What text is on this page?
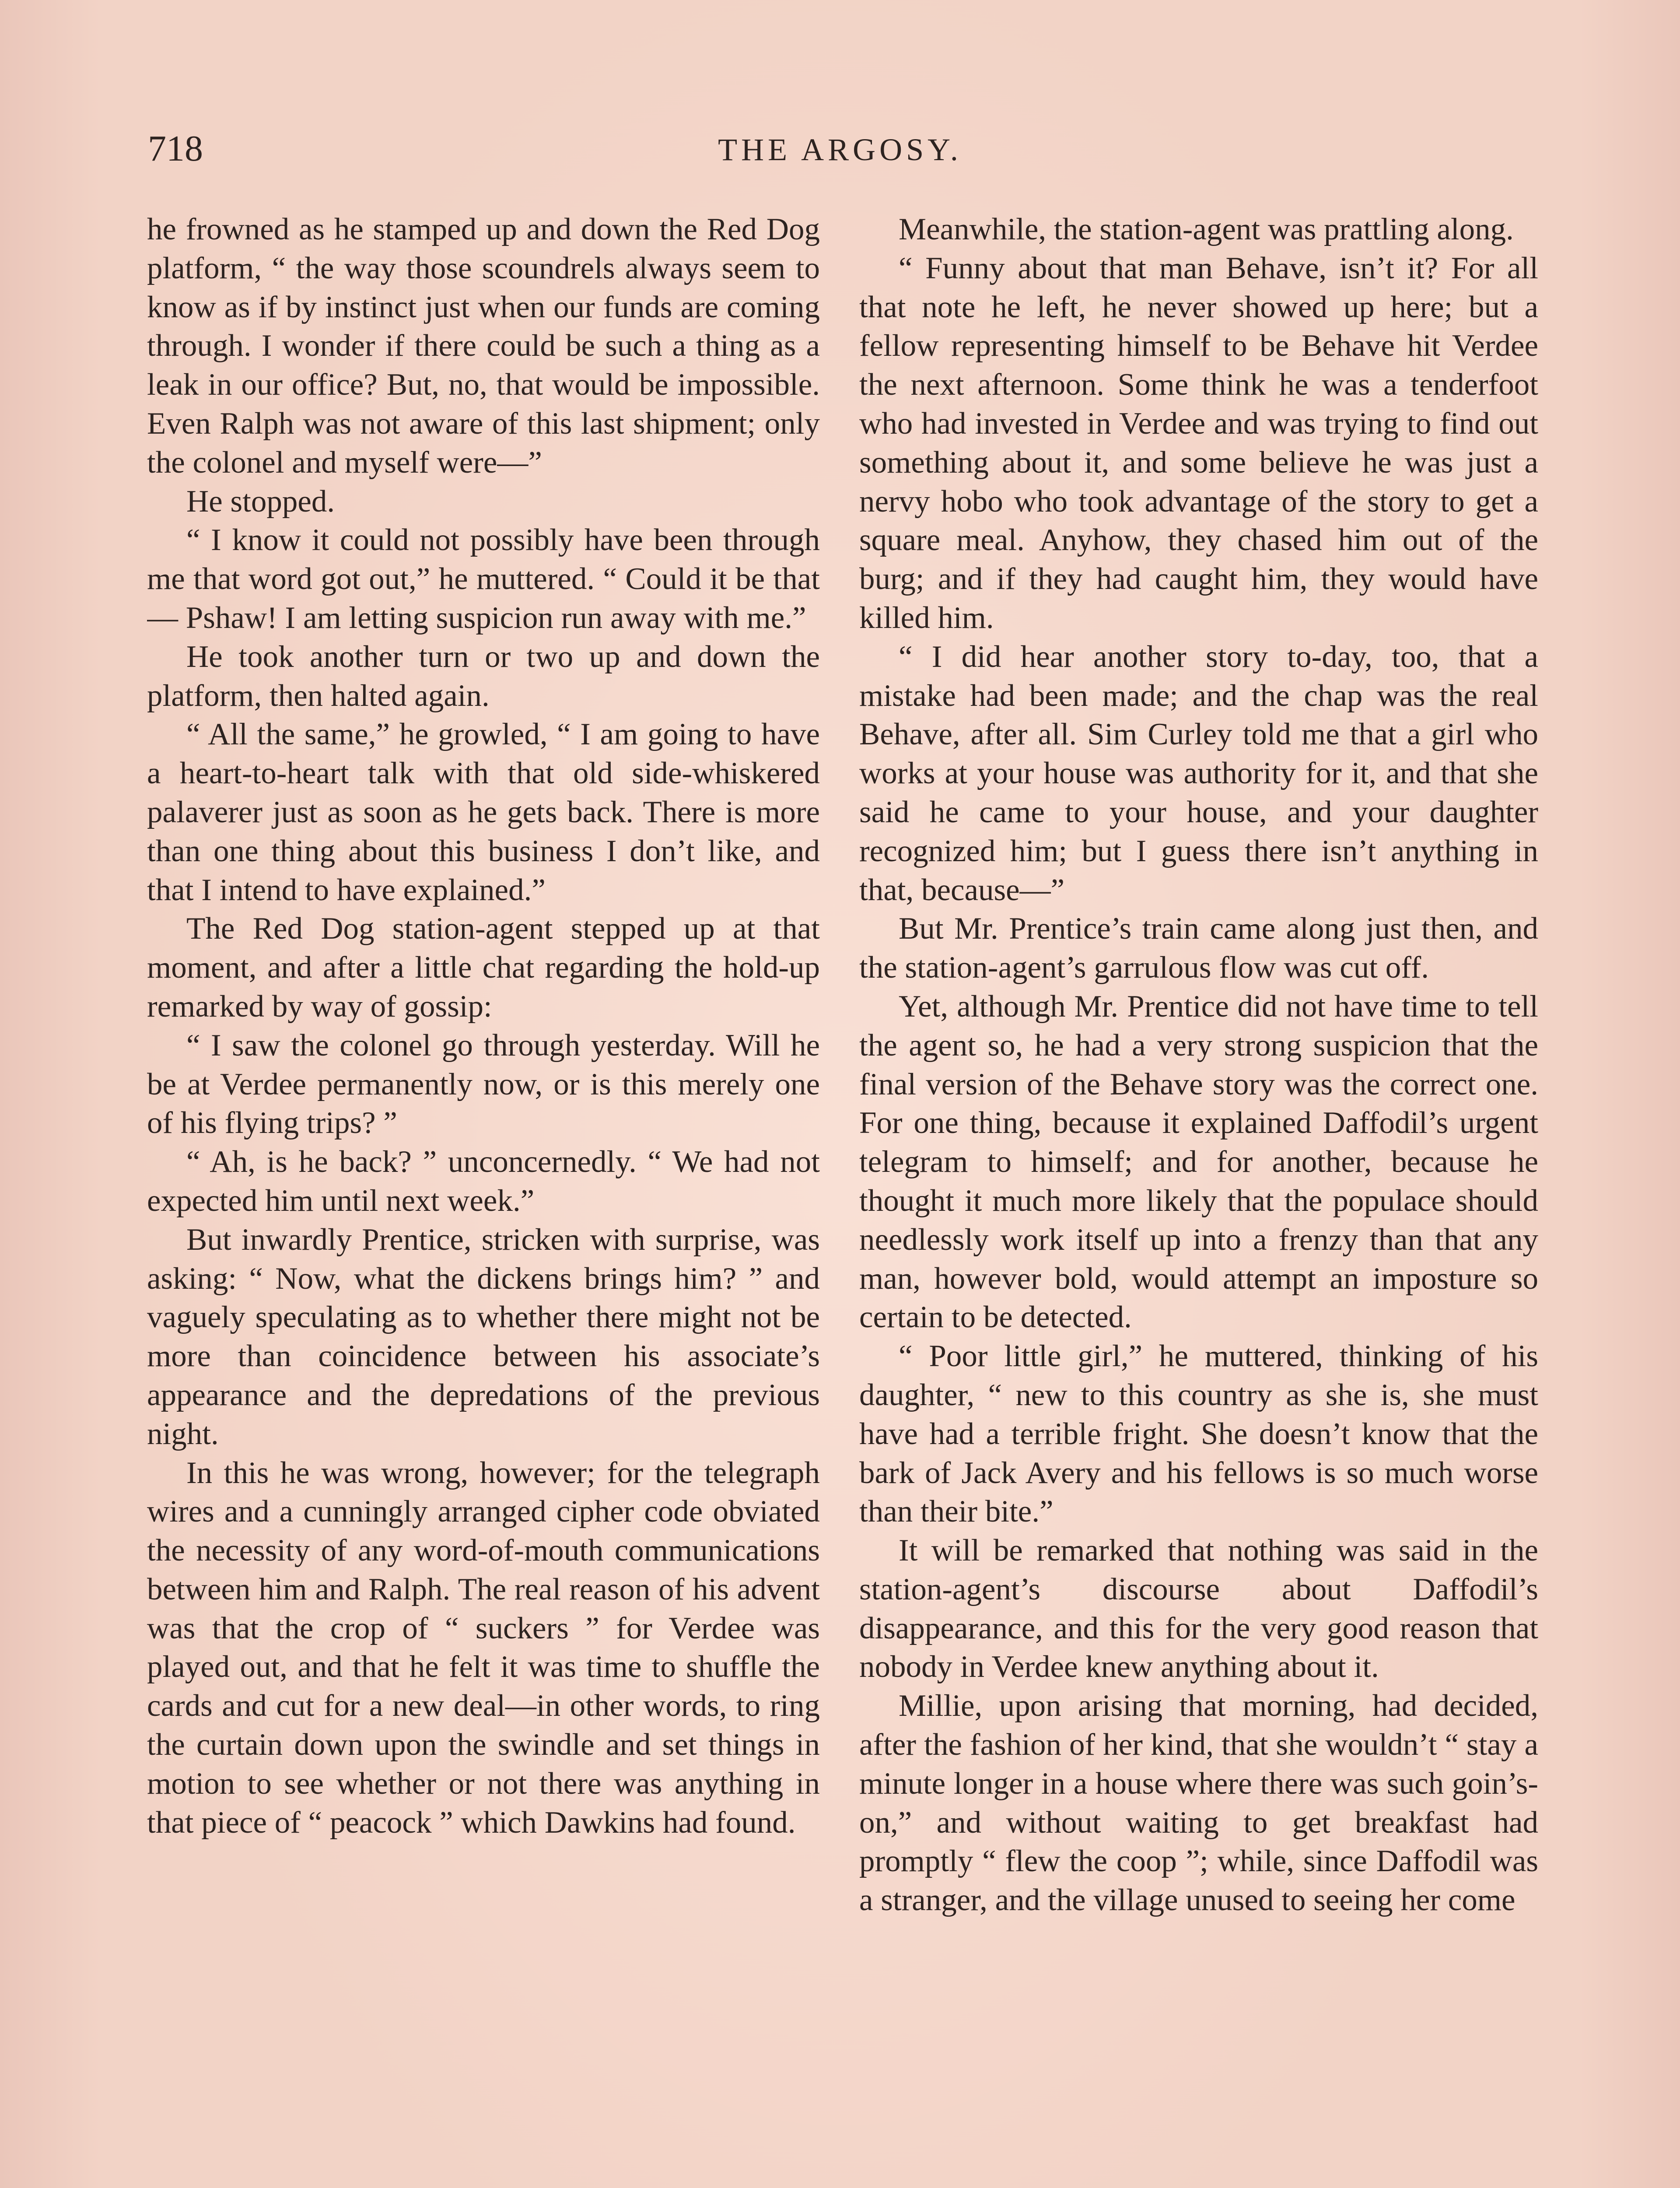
718	THE ARGOSY.

he frowned as he stamped up and down the Red Dog platform, “ the way those scoundrels always seem to know as if by instinct just when our funds are coming through. I wonder if there could be such a thing as a leak in our office? But, no, that would be impossible. Even Ralph was not aware of this last shipment; only the colonel and myself were—”

He stopped.

“ I know it could not possibly have been through me that word got out,” he muttered. “ Could it be that— Pshaw! I am letting suspicion run away with me.”

He took another turn or two up and down the platform, then halted again.

“ All the same,” he growled, “ I am going to have a heart-to-heart talk with that old side-whiskered palaverer just as soon as he gets back. There is more than one thing about this business I don’t like, and that I intend to have explained.”

The Red Dog station-agent stepped up at that moment, and after a little chat regarding the hold-up remarked by way of gossip:

“ I saw the colonel go through yesterday. Will he be at Verdee permanently now, or is this merely one of his flying trips? ”

“ Ah, is he back? ” unconcernedly. “ We had not expected him until next week.”

But inwardly Prentice, stricken with surprise, was asking: “ Now, what the dickens brings him? ” and vaguely speculating as to whether there might not be more than coincidence between his associate’s appearance and the depredations of the previous night.

In this he was wrong, however; for the telegraph wires and a cunningly arranged cipher code obviated the necessity of any word-of-mouth communications between him and Ralph. The real reason of his advent was that the crop of “ suckers ” for Verdee was played out, and that he felt it was time to shuffle the cards and cut for a new deal—in other words, to ring the curtain down upon the swindle and set things in motion to see whether or not there was anything in that piece of “ peacock ” which Dawkins had found.

Meanwhile, the station-agent was prattling along.

“ Funny about that man Behave, isn’t it? For all that note he left, he never showed up here; but a fellow representing himself to be Behave hit Verdee the next afternoon. Some think he was a tenderfoot who had invested in Verdee and was trying to find out something about it, and some believe he was just a nervy hobo who took advantage of the story to get a square meal. Anyhow, they chased him out of the burg; and if they had caught him, they would have killed him.

“ I did hear another story to-day, too, that a mistake had been made; and the chap was the real Behave, after all. Sim Curley told me that a girl who works at your house was authority for it, and that she said he came to your house, and your daughter recognized him; but I guess there isn’t anything in that, because—”

But Mr. Prentice’s train came along just then, and the station-agent’s garrulous flow was cut off.

Yet, although Mr. Prentice did not have time to tell the agent so, he had a very strong suspicion that the final version of the Behave story was the correct one. For one thing, because it explained Daffodil’s urgent telegram to himself; and for another, because he thought it much more likely that the populace should needlessly work itself up into a frenzy than that any man, however bold, would attempt an imposture so certain to be detected.

“ Poor little girl,” he muttered, thinking of his daughter, “ new to this country as she is, she must have had a terrible fright. She doesn’t know that the bark of Jack Avery and his fellows is so much worse than their bite.”

It will be remarked that nothing was said in the station-agent’s discourse about Daffodil’s disappearance, and this for the very good reason that nobody in Verdee knew anything about it.

Millie, upon arising that morning, had decided, after the fashion of her kind, that she wouldn’t “ stay a minute longer in a house where there was such goin’s-on,” and without waiting to get breakfast had promptly “ flew the coop ”; while, since Daffodil was a stranger, and the village unused to seeing her come
